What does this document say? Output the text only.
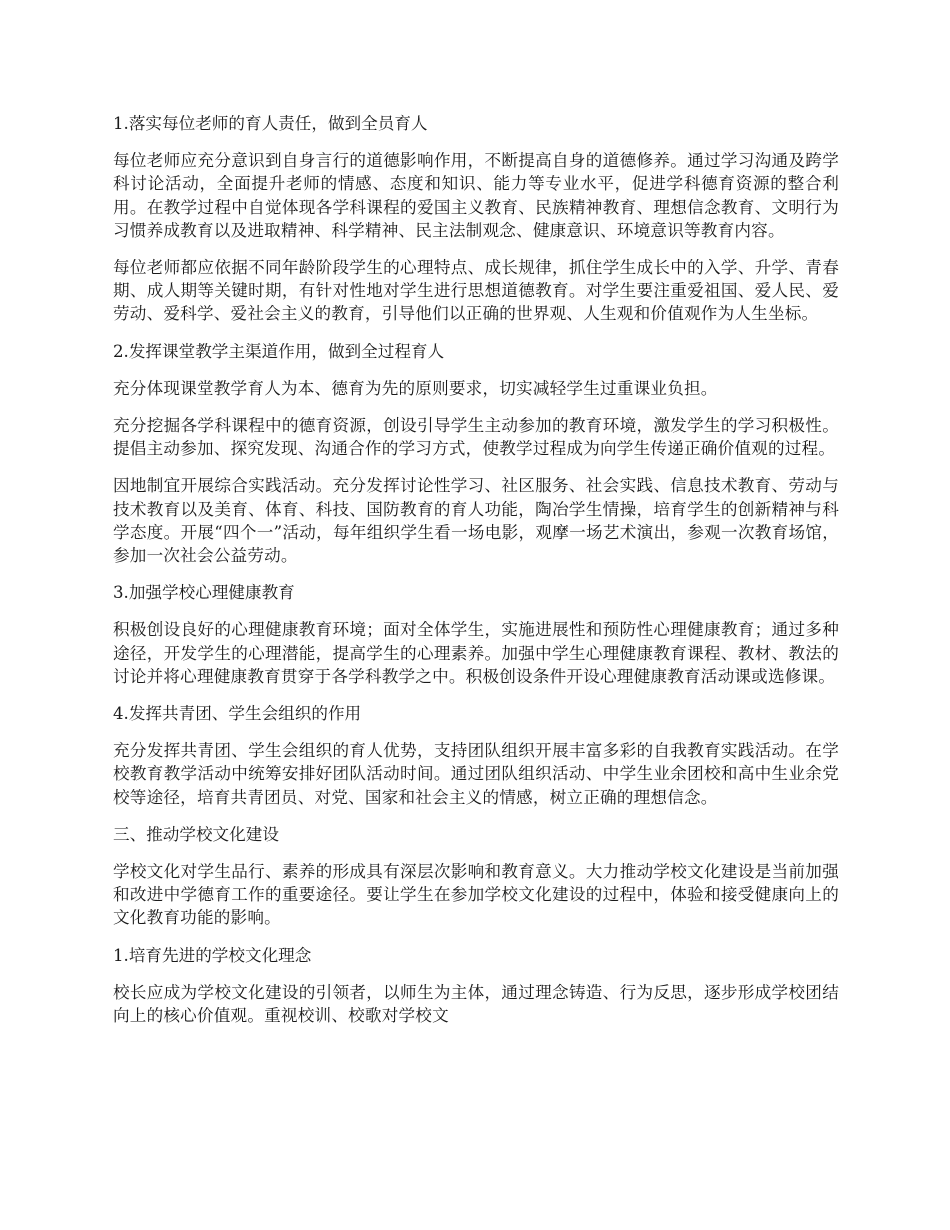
1.落实每位老师的育人责任，做到全员育人

每位老师应充分意识到自身言行的道德影响作用，不断提高自身的道德修养。通过学习沟通及跨学科讨论活动，全面提升老师的情感、态度和知识、能力等专业水平，促进学科德育资源的整合利用。在教学过程中自觉体现各学科课程的爱国主义教育、民族精神教育、理想信念教育、文明行为习惯养成教育以及进取精神、科学精神、民主法制观念、健康意识、环境意识等教育内容。

每位老师都应依据不同年龄阶段学生的心理特点、成长规律，抓住学生成长中的入学、升学、青春期、成人期等关键时期，有针对性地对学生进行思想道德教育。对学生要注重爱祖国、爱人民、爱劳动、爱科学、爱社会主义的教育，引导他们以正确的世界观、人生观和价值观作为人生坐标。

2.发挥课堂教学主渠道作用，做到全过程育人

充分体现课堂教学育人为本、德育为先的原则要求，切实减轻学生过重课业负担。

充分挖掘各学科课程中的德育资源，创设引导学生主动参加的教育环境，激发学生的学习积极性。提倡主动参加、探究发现、沟通合作的学习方式，使教学过程成为向学生传递正确价值观的过程。

因地制宜开展综合实践活动。充分发挥讨论性学习、社区服务、社会实践、信息技术教育、劳动与技术教育以及美育、体育、科技、国防教育的育人功能，陶冶学生情操，培育学生的创新精神与科学态度。开展“四个一”活动，每年组织学生看一场电影，观摩一场艺术演出，参观一次教育场馆，参加一次社会公益劳动。

3.加强学校心理健康教育

积极创设良好的心理健康教育环境；面对全体学生，实施进展性和预防性心理健康教育；通过多种途径，开发学生的心理潜能，提高学生的心理素养。加强中学生心理健康教育课程、教材、教法的讨论并将心理健康教育贯穿于各学科教学之中。积极创设条件开设心理健康教育活动课或选修课。

4.发挥共青团、学生会组织的作用

充分发挥共青团、学生会组织的育人优势，支持团队组织开展丰富多彩的自我教育实践活动。在学校教育教学活动中统筹安排好团队活动时间。通过团队组织活动、中学生业余团校和高中生业余党校等途径，培育共青团员、对党、国家和社会主义的情感，树立正确的理想信念。

三、推动学校文化建设

学校文化对学生品行、素养的形成具有深层次影响和教育意义。大力推动学校文化建设是当前加强和改进中学德育工作的重要途径。要让学生在参加学校文化建设的过程中，体验和接受健康向上的文化教育功能的影响。

1.培育先进的学校文化理念

校长应成为学校文化建设的引领者，以师生为主体，通过理念铸造、行为反思，逐步形成学校团结向上的核心价值观。重视校训、校歌对学校文
